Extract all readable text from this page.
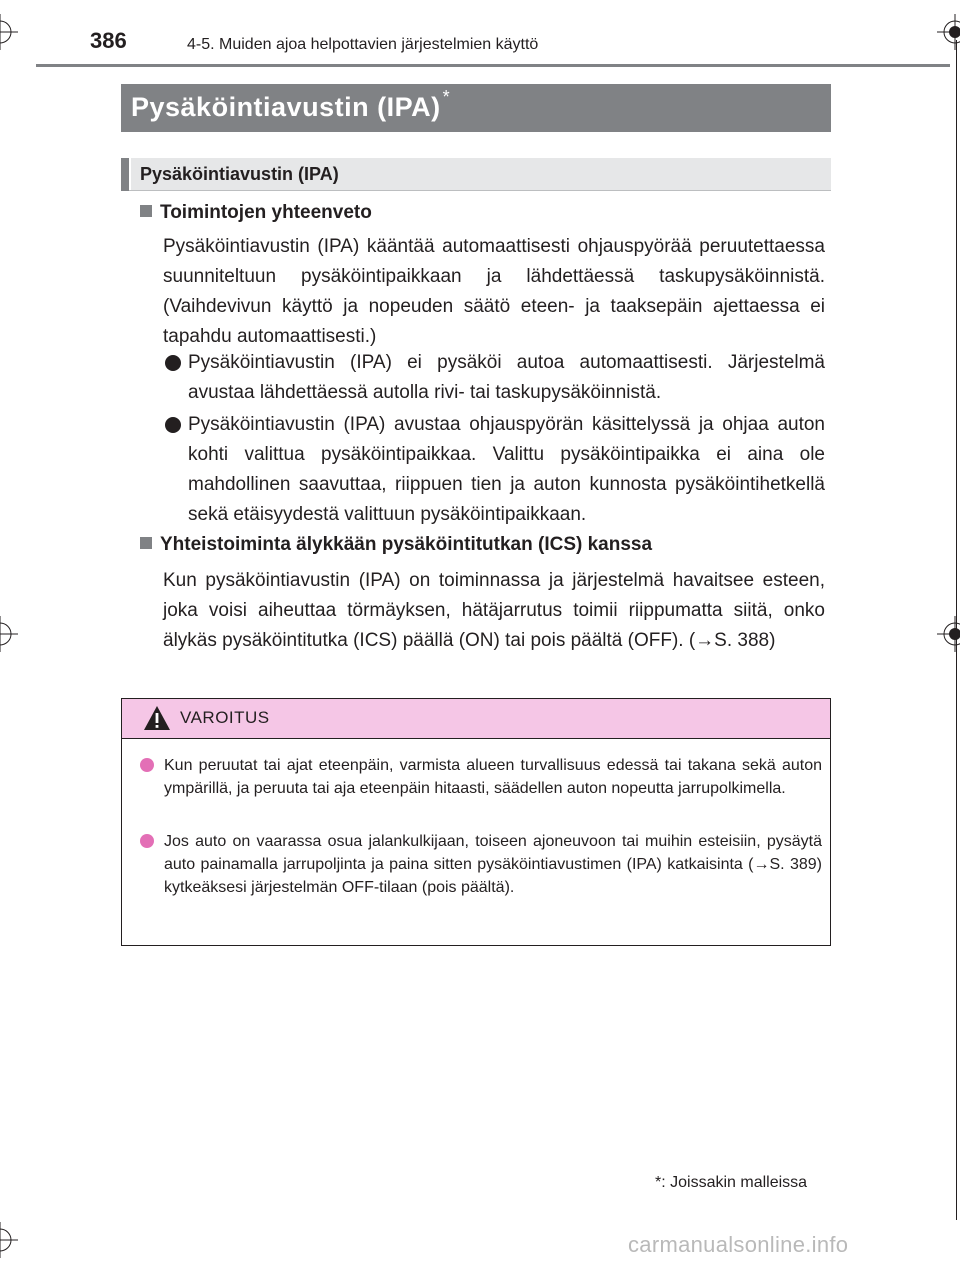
386	4-5. Muiden ajoa helpottavien järjestelmien käyttö
Pysäköintiavustin (IPA) *
Pysäköintiavustin (IPA)
Toimintojen yhteenveto
Pysäköintiavustin (IPA) kääntää automaattisesti ohjauspyörää peruutettaessa suunniteltuun pysäköintipaikkaan ja lähdettäessä taskupysäköinnistä. (Vaihdevivun käyttö ja nopeuden säätö eteen- ja taaksepäin ajettaessa ei tapahdu automaattisesti.)
Pysäköintiavustin (IPA) ei pysäköi autoa automaattisesti. Järjestelmä avustaa lähdettäessä autolla rivi- tai taskupysäköinnistä.
Pysäköintiavustin (IPA) avustaa ohjauspyörän käsittelyssä ja ohjaa auton kohti valittua pysäköintipaikkaa. Valittu pysäköintipaikka ei aina ole mahdollinen saavuttaa, riippuen tien ja auton kunnosta pysäköintihetkellä sekä etäisyydestä valittuun pysäköintipaikkaan.
Yhteistoiminta älykkään pysäköintitutkan (ICS) kanssa
Kun pysäköintiavustin (IPA) on toiminnassa ja järjestelmä havaitsee esteen, joka voisi aiheuttaa törmäyksen, hätäjarrutus toimii riippumatta siitä, onko älykäs pysäköintitutka (ICS) päällä (ON) tai pois päältä (OFF). (→S. 388)
VAROITUS
Kun peruutat tai ajat eteenpäin, varmista alueen turvallisuus edessä tai takana sekä auton ympärillä, ja peruuta tai aja eteenpäin hitaasti, säädellen auton nopeutta jarrupolkimella.
Jos auto on vaarassa osua jalankulkijaan, toiseen ajoneuvoon tai muihin esteisiin, pysäytä auto painamalla jarrupoljinta ja paina sitten pysäköintiavustimen (IPA) katkaisinta (→S. 389) kytkeäksesi järjestelmän OFF-tilaan (pois päältä).
*: Joissakin malleissa
carmanualsonline.info
